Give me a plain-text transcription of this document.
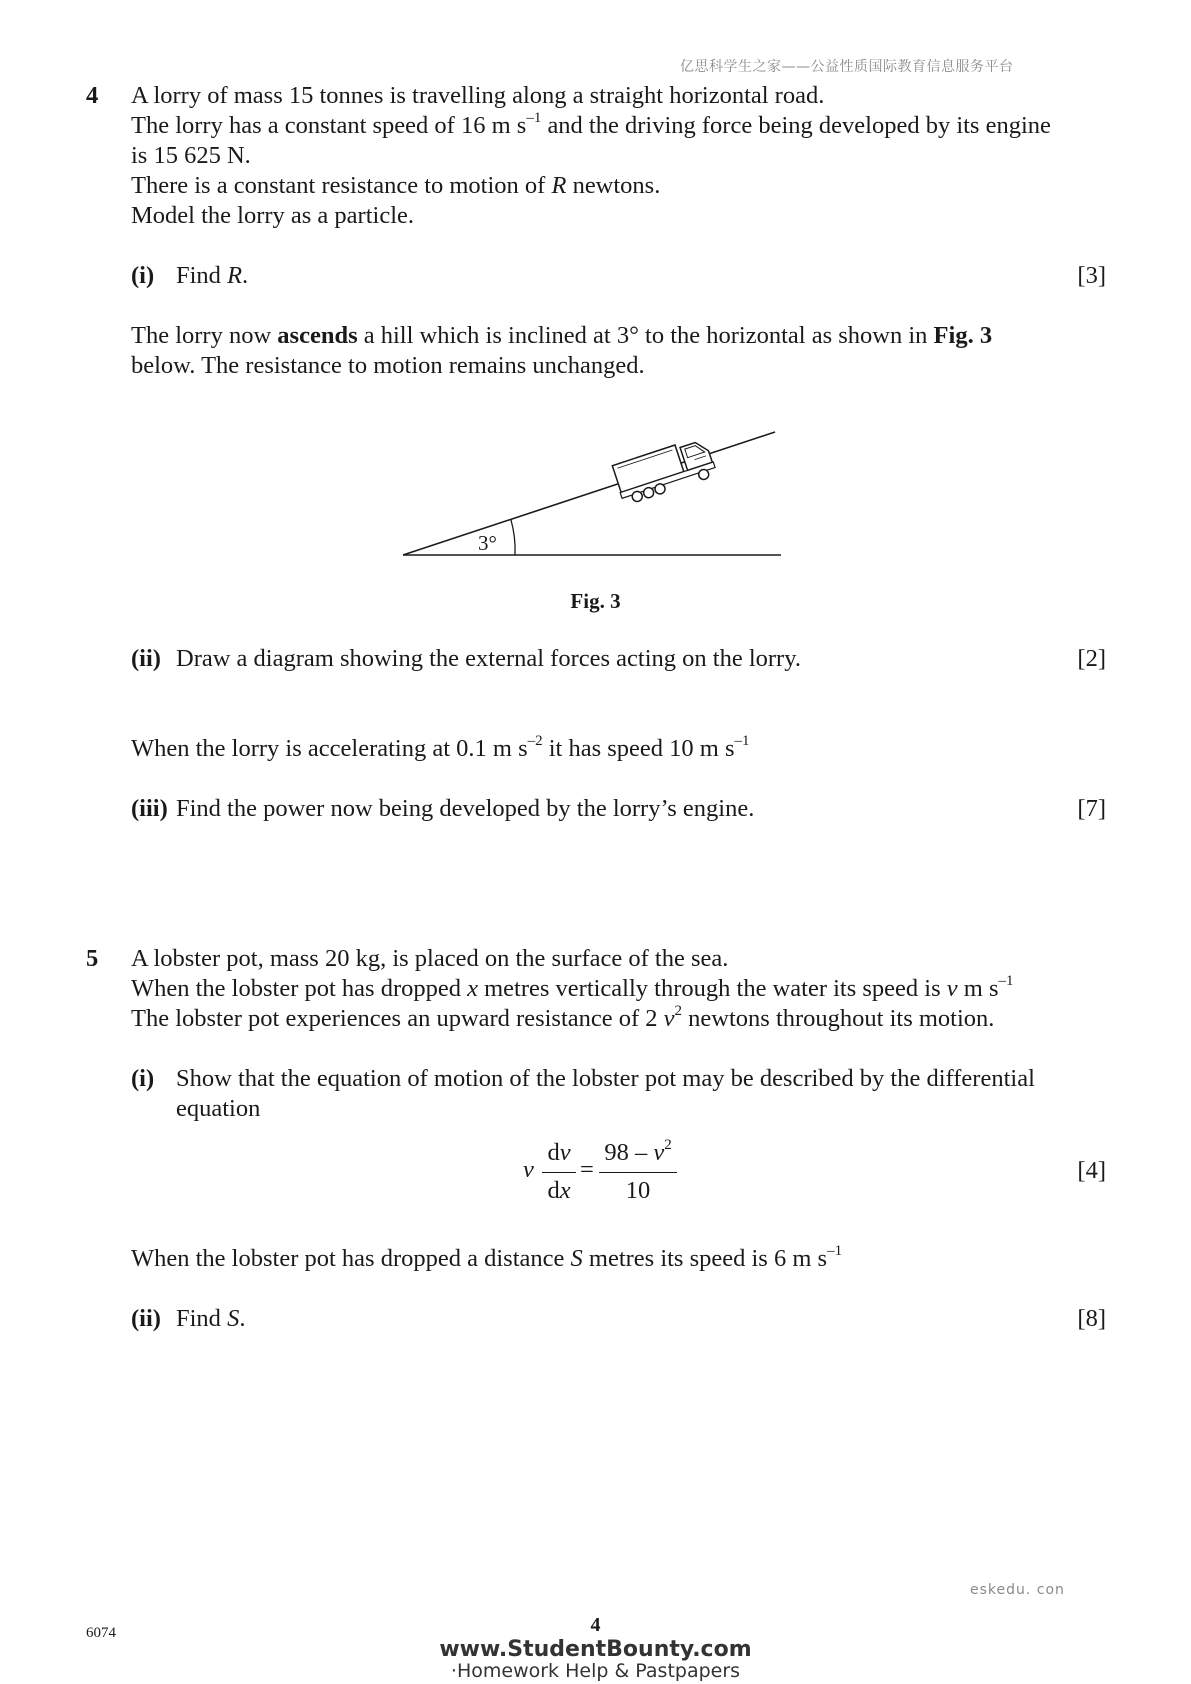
亿思科学生之家——公益性质国际教育信息服务平台
4 A lorry of mass 15 tonnes is travelling along a straight horizontal road.
The lorry has a constant speed of 16 m $s^{-1}$ and the driving force being developed by its engine
is 15 625 N.
There is a constant resistance to motion of R newtons.
Model the lorry as a particle.
(i) Find R.	[3]
The lorry now ascends a hill which is inclined at 3° to the horizontal as shown in Fig. 3
below. The resistance to motion remains unchanged.
3°
Fig. 3
(ii) Draw a diagram showing the external forces acting on the lorry.	[2]
When the lorry is accelerating at 0.1 m $s^{-2}$ it has speed 10 m $s^{-1}$
(iii) Find the power now being developed by the lorry’s engine.	[7]
5 A lobster pot, mass 20 kg, is placed on the surface of the sea.
When the lobster pot has dropped x metres vertically through the water its speed is v m $s^{-1}$
The lobster pot experiences an upward resistance of 2 $v^2$ newtons throughout its motion.
(i) Show that the equation of motion of the lobster pot may be described by the differential
equation
v
dv
dx
=
$98 - v^2$
10
[4]
When the lobster pot has dropped a distance S metres its speed is 6 m $s^{-1}$
(ii) Find S.	[8]
eskedu. con
6074	4
www.StudentBounty.com
·Homework Help & Pastpapers
